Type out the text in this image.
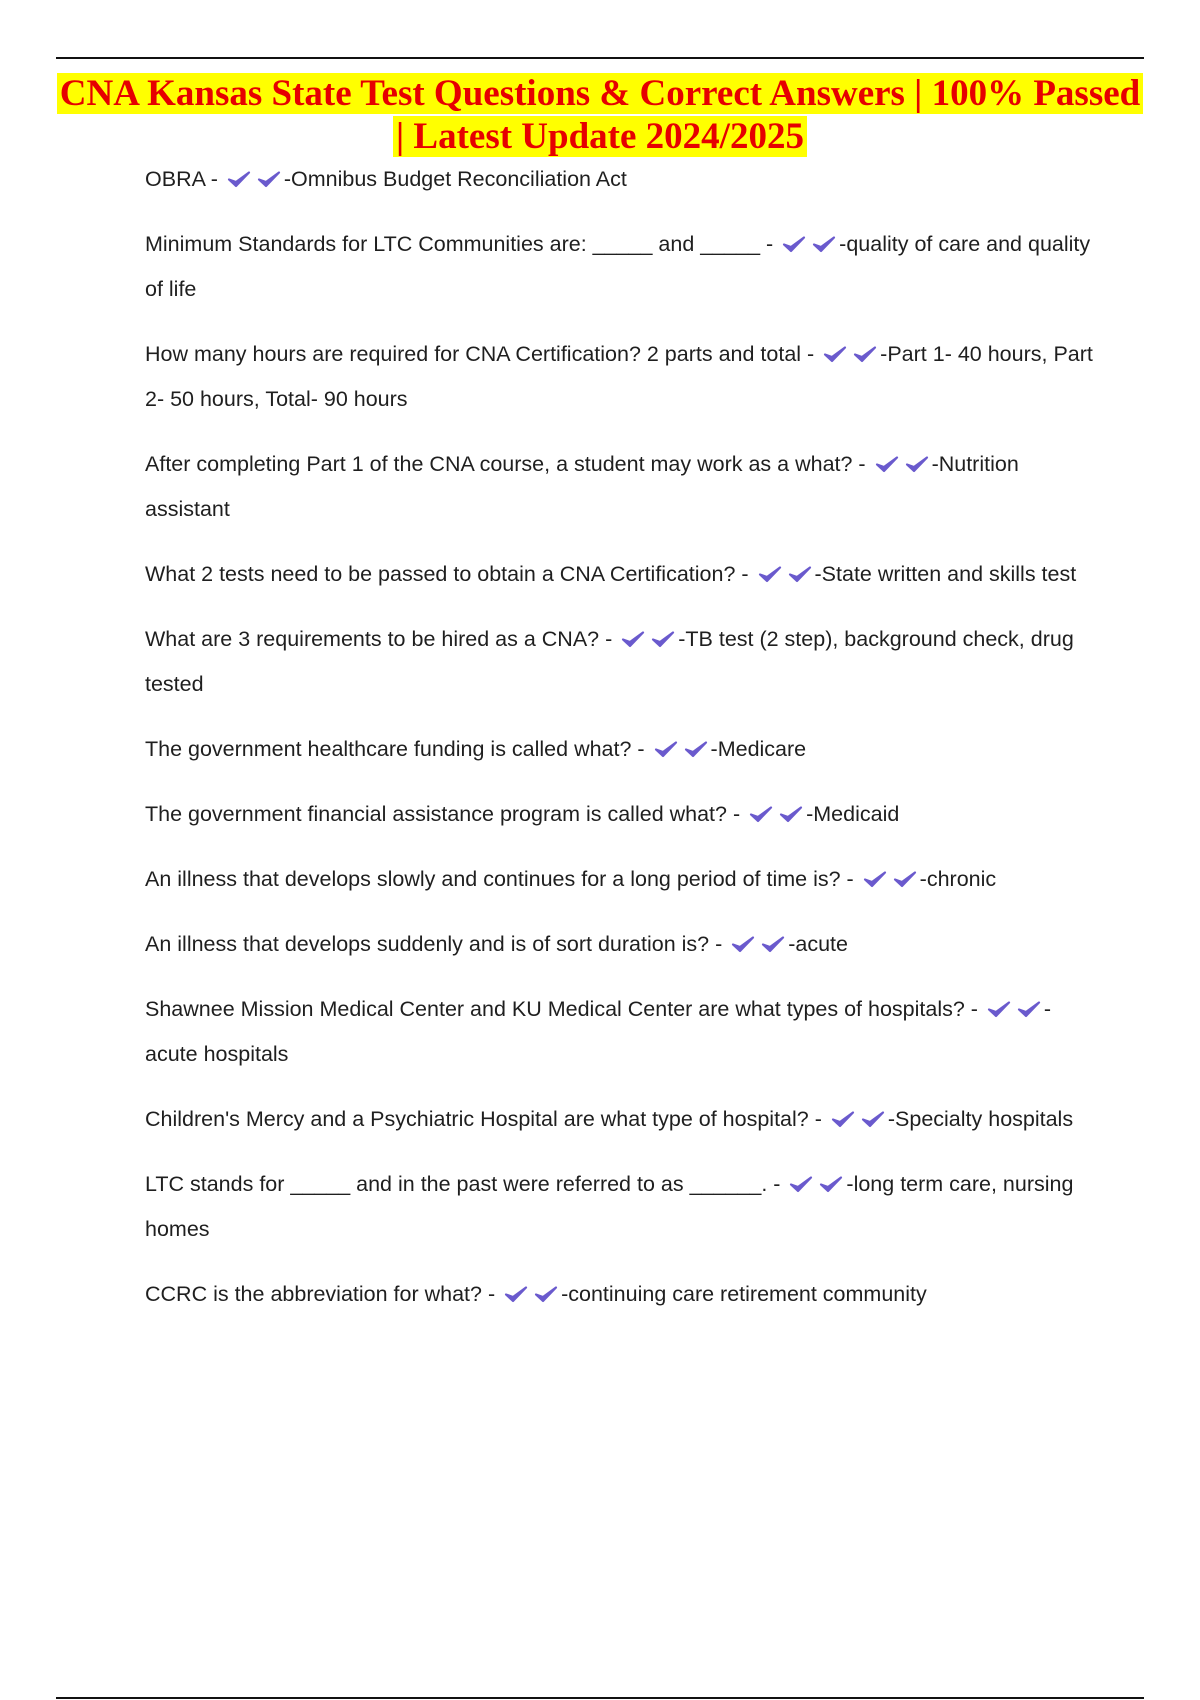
CNA Kansas State Test Questions & Correct Answers | 100% Passed | Latest Update 2024/2025

OBRA -	-Omnibus Budget Reconciliation Act

Minimum Standards for LTC Communities are: _____ and _____ -	-quality of care and quality of life

How many hours are required for CNA Certification? 2 parts and total -	-Part 1- 40 hours, Part 2- 50 hours, Total- 90 hours

After completing Part 1 of the CNA course, a student may work as a what? -	-Nutrition assistant

What 2 tests need to be passed to obtain a CNA Certification? -	-State written and skills test

What are 3 requirements to be hired as a CNA? -	-TB test (2 step), background check, drug tested

The government healthcare funding is called what? -	-Medicare

The government financial assistance program is called what? -	-Medicaid

An illness that develops slowly and continues for a long period of time is? -	-chronic

An illness that develops suddenly and is of sort duration is? -	-acute

Shawnee Mission Medical Center and KU Medical Center are what types of hospitals? -	-acute hospitals

Children's Mercy and a Psychiatric Hospital are what type of hospital? -	-Specialty hospitals

LTC stands for _____ and in the past were referred to as ______. -	-long term care, nursing homes

CCRC is the abbreviation for what? -	-continuing care retirement community
